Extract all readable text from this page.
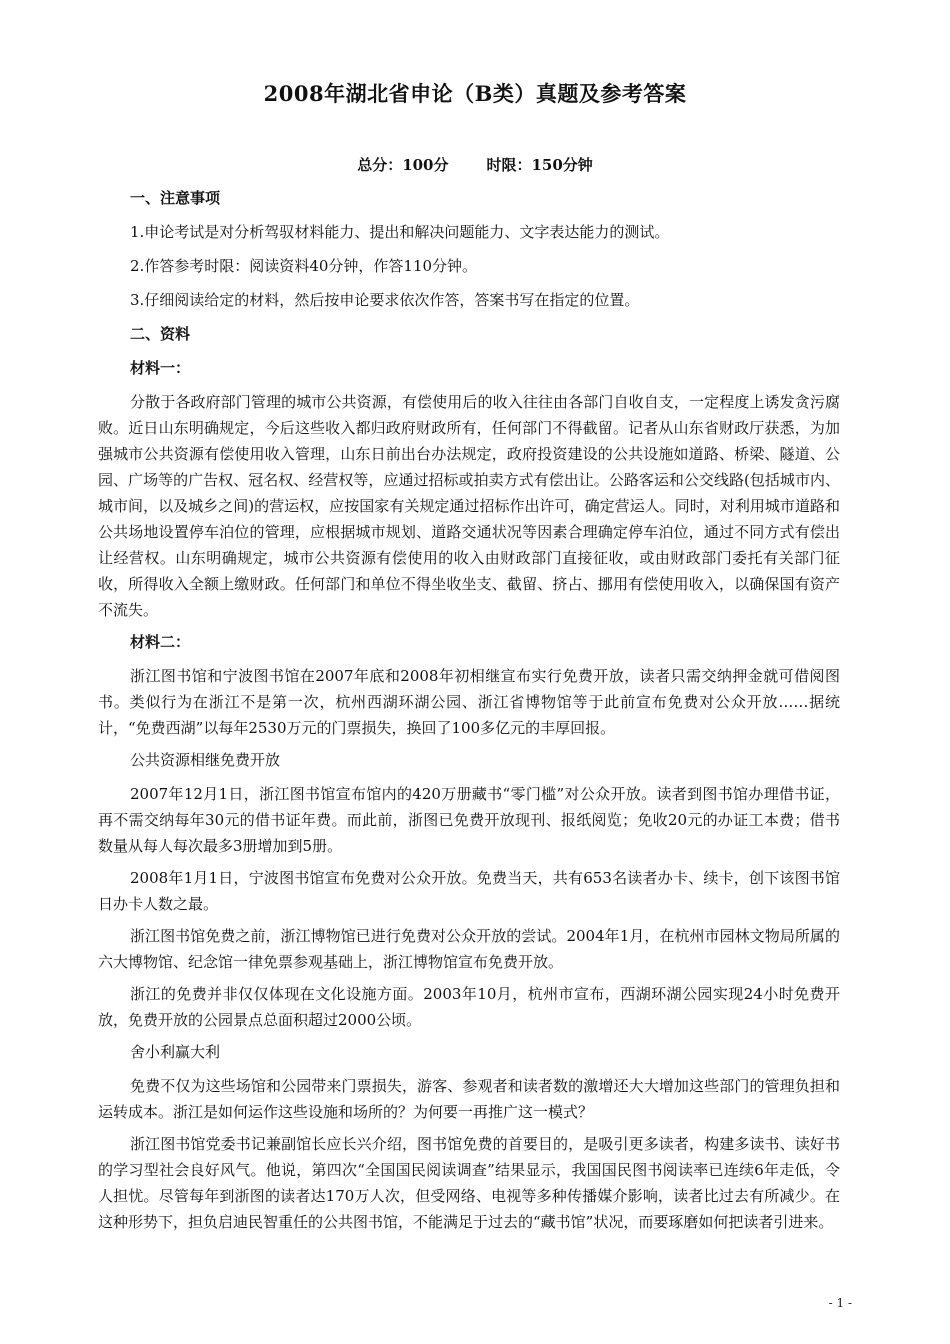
2008年湖北省申论（B类）真题及参考答案
总分：100分	时限：150分钟
一、注意事项
1.申论考试是对分析驾驭材料能力、提出和解决问题能力、文字表达能力的测试。
2.作答参考时限：阅读资料40分钟，作答110分钟。
3.仔细阅读给定的材料，然后按申论要求依次作答，答案书写在指定的位置。
二、资料
材料一：
分散于各政府部门管理的城市公共资源，有偿使用后的收入往往由各部门自收自支，一定程度上诱发贪污腐败。近日山东明确规定，今后这些收入都归政府财政所有，任何部门不得截留。记者从山东省财政厅获悉，为加强城市公共资源有偿使用收入管理，山东日前出台办法规定，政府投资建设的公共设施如道路、桥梁、隧道、公园、广场等的广告权、冠名权、经营权等，应通过招标或拍卖方式有偿出让。公路客运和公交线路(包括城市内、城市间，以及城乡之间)的营运权，应按国家有关规定通过招标作出许可，确定营运人。同时，对利用城市道路和公共场地设置停车泊位的管理，应根据城市规划、道路交通状况等因素合理确定停车泊位，通过不同方式有偿出让经营权。山东明确规定，城市公共资源有偿使用的收入由财政部门直接征收，或由财政部门委托有关部门征收，所得收入全额上缴财政。任何部门和单位不得坐收坐支、截留、挤占、挪用有偿使用收入，以确保国有资产不流失。
材料二：
浙江图书馆和宁波图书馆在2007年底和2008年初相继宣布实行免费开放，读者只需交纳押金就可借阅图书。类似行为在浙江不是第一次，杭州西湖环湖公园、浙江省博物馆等于此前宣布免费对公众开放……据统计，“免费西湖”以每年2530万元的门票损失，换回了100多亿元的丰厚回报。
公共资源相继免费开放
2007年12月1日，浙江图书馆宣布馆内的420万册藏书“零门槛”对公众开放。读者到图书馆办理借书证，再不需交纳每年30元的借书证年费。而此前，浙图已免费开放现刊、报纸阅览；免收20元的办证工本费；借书数量从每人每次最多3册增加到5册。
2008年1月1日，宁波图书馆宣布免费对公众开放。免费当天，共有653名读者办卡、续卡，创下该图书馆日办卡人数之最。
浙江图书馆免费之前，浙江博物馆已进行免费对公众开放的尝试。2004年1月，在杭州市园林文物局所属的六大博物馆、纪念馆一律免票参观基础上，浙江博物馆宣布免费开放。
浙江的免费并非仅仅体现在文化设施方面。2003年10月，杭州市宣布，西湖环湖公园实现24小时免费开放，免费开放的公园景点总面积超过2000公顷。
舍小利赢大利
免费不仅为这些场馆和公园带来门票损失，游客、参观者和读者数的激增还大大增加这些部门的管理负担和运转成本。浙江是如何运作这些设施和场所的？为何要一再推广这一模式？
浙江图书馆党委书记兼副馆长应长兴介绍，图书馆免费的首要目的，是吸引更多读者，构建多读书、读好书的学习型社会良好风气。他说，第四次“全国国民阅读调查”结果显示，我国国民图书阅读率已连续6年走低，令人担忧。尽管每年到浙图的读者达170万人次，但受网络、电视等多种传播媒介影响，读者比过去有所减少。在这种形势下，担负启迪民智重任的公共图书馆，不能满足于过去的“藏书馆”状况，而要琢磨如何把读者引进来。
- 1 -
